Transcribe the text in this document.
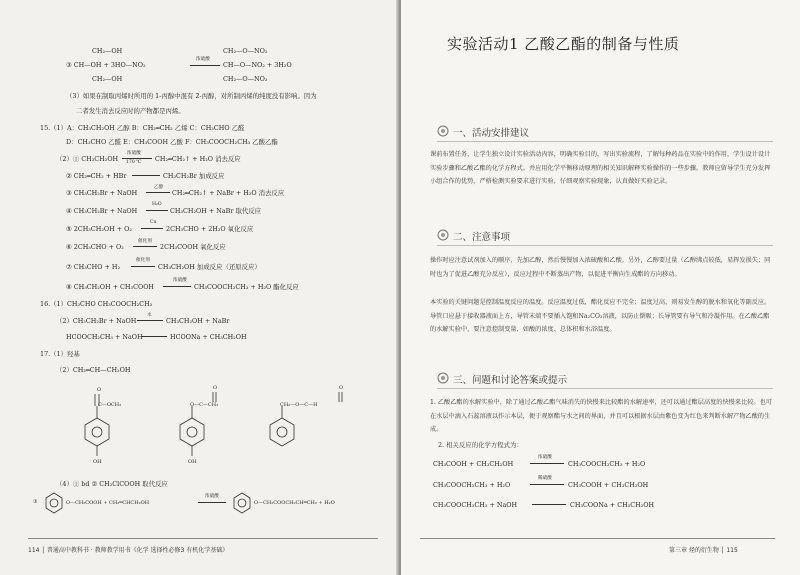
CH₂—OH
③ CH—OH + 3HO—NO₂
浓硫酸
CH—O—NO₂ + 3H₂O
CH₂—OH
CH₂—O—NO₂
CH₂—O—NO₂
（3）如果在制取丙烯时所用的 1-丙醇中混有 2-丙醇，对所制丙烯的纯度没有影响。因为
二者发生消去反应时的产物都是丙烯。
15.（1）A：CH₃CH₂OH 乙醇 B：CH₂═CH₂ 乙烯 C：CH₃CHO 乙醛
D：CH₃CHO 乙醛 E：CH₃COOH 乙酸 F：CH₃COOCH₂CH₃ 乙酸乙酯
（2）① CH₃CH₂OH
浓硫酸
170 ℃ CH₂═CH₂↑ + H₂O 消去反应
② CH₂═CH₂ + HBr	CH₃CH₂Br 加成反应
③ CH₃CH₂Br + NaOH
乙醇
CH₂═CH₂↑ + NaBr + H₂O 消去反应
④ CH₃CH₂Br + NaOH
H₂O
CH₃CH₂OH + NaBr 取代反应
⑤ 2CH₃CH₂OH + O₂
Cu
2CH₃CHO + 2H₂O 氧化反应
⑥ 2CH₃CHO + O₂
催化剂
2CH₃COOH 氧化反应
⑦ CH₃CHO + H₂
催化剂
CH₃CH₂OH 加成反应（还原反应）
⑧ CH₃CH₂OH + CH₃COOH
浓硫酸
CH₃COOCH₂CH₃ + H₂O 酯化反应
16.（1）CH₃CHO CH₃COOCH₂CH₃
（2）CH₃CH₂Br + NaOH
水
CH₃CH₂OH + NaBr
HCOOCH₂CH₃ + NaOH	HCOONa + CH₃CH₂OH
17.（1）羟基
（2）CH₂═CH—CH₂OH
O
C—OCH₃
OH
O
O—C—CH₃
OH
O
CH₂—O—C—H
（4）① bd ② CH₂ClCOOH 取代反应
③	O—CH₂COOH + CH₂═CHCH₂OH
浓硫酸
O—CH₂COOCH₂CH═CH₂ + H₂O
114 │ 普通高中教科书 · 教师教学用书《化学 选择性必修3 有机化学基础》
实验活动1 乙酸乙酯的制备与性质
一、活动安排建议
课前布置任务，让学生独立设计实验活动内容，明确实验目的，写出实验流程，了解每种药品在实验中的作用，学生设计设计实验步骤和乙酸乙酯的化学方程式。并应用化学平衡移动原理的相关知识解释实验操作的一些步骤。教师应留导学生充分发挥小组合作的优势，严格检测实验要求进行实验，仔细观察实验现象，认真做好实验记录。
二、注意事项
操作时应注意试剂加入的顺序，先加乙醇，然后慢慢加入浓硫酸和乙酸。另外，乙醇要过量（乙醇沸点较低，易挥发损失；同时也为了促进乙酸充分反应），反应过程中不断蒸出产物，以促进平衡向生成酯的方向移动。
本实验的关键问题是控制温度反应的温度。反应温度过低，酯化反应不完全；温度过高，则易发生醇的脱水和氧化等副反应。导管口应悬于接收器液面上方，导管末端不要插入饱和Na₂CO₃溶液，以防止倒吸；长导管要有导气和冷凝作用。在乙酸乙酯的水解实验中，要注意控制变量，如酸的浓度、总体积和水浴温度。
三、问题和讨论答案或提示
1. 乙酸乙酯的水解实验中，除了通过乙酸乙酯气味消失的快慢来比较酯的水解速率，还可以通过酯层高度的快慢来比较。也可在水层中滴入石蕊溶液以作示本层，便于观察酯与水之间的界面，并且可以根据水层由紫色变为红色来判断水解产物乙酸的生成。
2. 相关反应的化学方程式为：
CH₃COOH + CH₃CH₂OH
浓硫酸
CH₃COOCH₂CH₃ + H₂O
CH₃COOCH₂CH₃ + H₂O
稀硫酸
CH₃COOH + CH₃CH₂OH
CH₃COOCH₂CH₃ + NaOH	CH₃COONa + CH₃CH₂OH
第三章 烃的衍生物 │ 115
